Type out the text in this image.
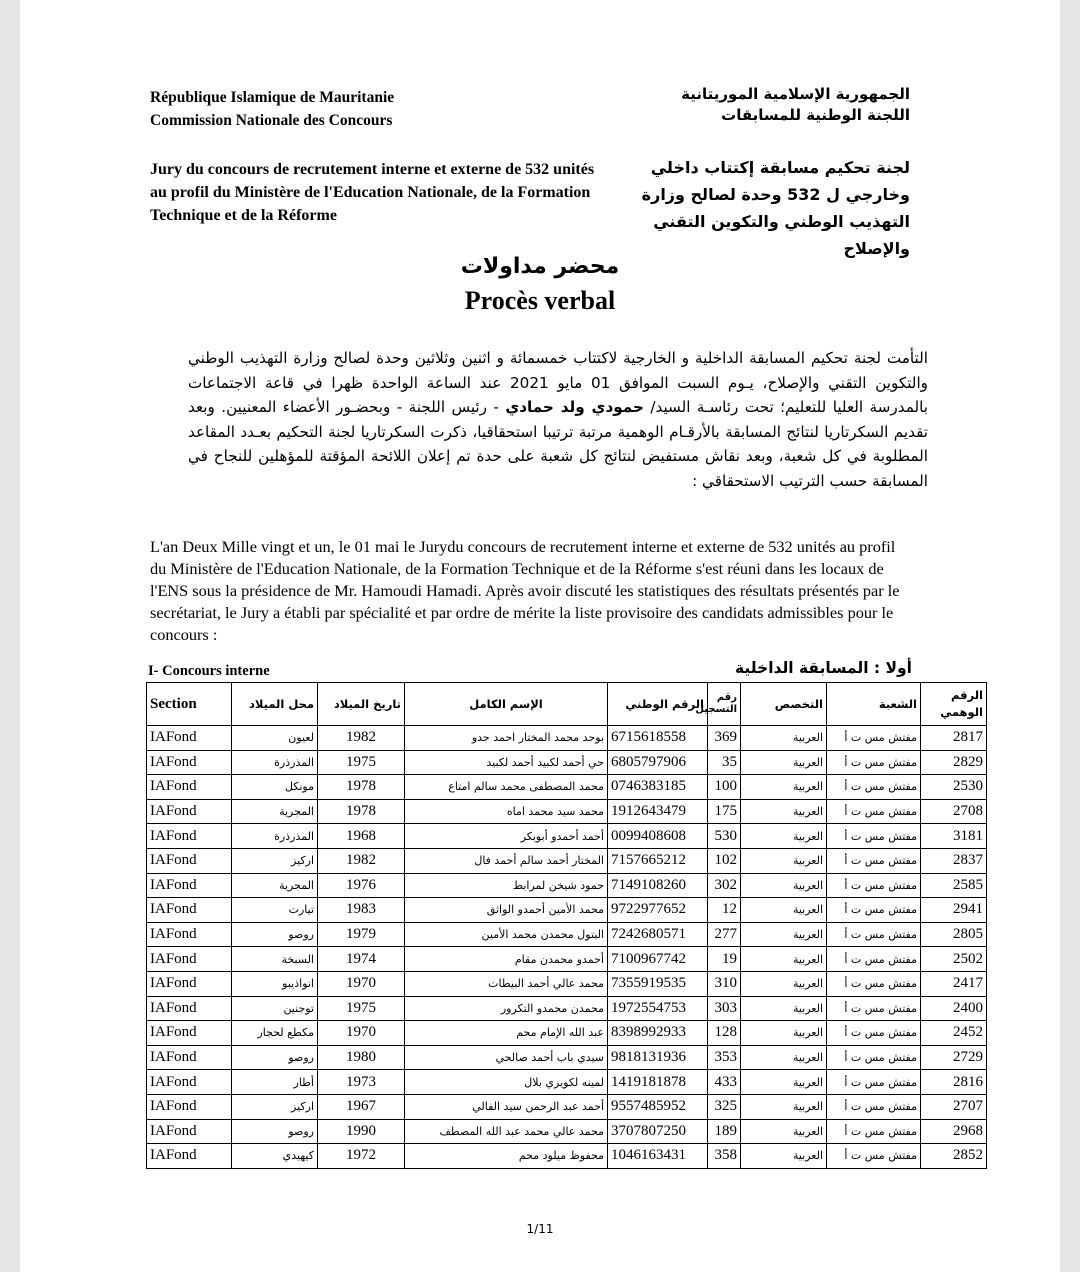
République Islamique de Mauritanie
Commission Nationale des Concours
الجمهورية الإسلامية الموريتانية
اللجنة الوطنية للمسابقات
Jury du concours de recrutement interne et externe de 532 unités au profil du Ministère de l'Education Nationale, de la Formation Technique et de la Réforme
لجنة تحكيم مسابقة إكتتاب داخلي وخارجي ل 532 وحدة لصالح وزارة التهذيب الوطني والتكوين التقني والإصلاح
محضر مداولات
Procès verbal
التأمت لجنة تحكيم المسابقة الداخلية و الخارجية لاكتتاب خمسمائة و اثنين وثلاثين وحدة لصالح وزارة التهذيب الوطني والتكوين التقني والإصلاح، يـوم السبت الموافق 01 مايو 2021 عند الساعة الواحدة ظهرا في قاعة الاجتماعات بالمدرسة العليا للتعليم؛ تحت رئاسـة السيد/ حمودي ولد حمادي - رئيس اللجنة - وبحضـور الأعضاء المعنيين. وبعد تقديم السكرتاريا لنتائج المسابقة بالأرقـام الوهمية مرتبة ترتيبا استحقاقيا، ذكرت السكرتاريا لجنة التحكيم بعـدد المقاعد المطلوبة في كل شعبة، وبعد نقاش مستفيض لنتائج كل شعبة على حدة تم إعلان اللائحة المؤقتة للمؤهلين للنجاح في المسابقة حسب الترتيب الاستحقاقي :
L'an Deux Mille vingt et un, le 01 mai le Jurydu concours de recrutement interne et externe de 532 unités au profil du Ministère de l'Education Nationale, de la Formation Technique et de la Réforme s'est réuni dans les locaux de l'ENS sous la présidence de Mr. Hamoudi Hamadi. Après avoir discuté les statistiques des résultats présentés par le secrétariat, le Jury a établi par spécialité et par ordre de mérite la liste provisoire des candidats admissibles pour le concours :
I- Concours interne	أولا : المسابقة الداخلية
Section	محل الميلاد	تاريخ الميلاد	الإسم الكامل	الرقم الوطني	رقم التسجيل	التخصص	الشعبة	الرقم الوهمي
IAFond	لعيون	1982	بوحد محمد المختار احمد جدو	6715618558	369	العربية	مفتش مس ت أ	2817
IAFond	المذرذرة	1975	حي أحمد لكبيد أحمد لكبيد	6805797906	35	العربية	مفتش مس ت أ	2829
IAFond	مونكل	1978	محمد المصطفى محمد سالم امتاع	0746383185	100	العربية	مفتش مس ت أ	2530
IAFond	المجرية	1978	محمد سيد محمد اماه	1912643479	175	العربية	مفتش مس ت أ	2708
IAFond	المذرذرة	1968	أحمد أحمدو أبوبكر	0099408608	530	العربية	مفتش مس ت أ	3181
IAFond	اركيز	1982	المختار أحمد سالم أحمد فال	7157665212	102	العربية	مفتش مس ت أ	2837
IAFond	المجرية	1976	حمود شيخن لمرابط	7149108260	302	العربية	مفتش مس ت أ	2585
IAFond	تيارت	1983	محمد الأمين أحمدو الواثق	9722977652	12	العربية	مفتش مس ت أ	2941
IAFond	روصو	1979	البتول محمدن محمد الأمين	7242680571	277	العربية	مفتش مس ت أ	2805
IAFond	السبخة	1974	أحمدو محمدن مقام	7100967742	19	العربية	مفتش مس ت أ	2502
IAFond	انواذيبو	1970	محمد عالي أحمد البيطات	7355919535	310	العربية	مفتش مس ت أ	2417
IAFond	توجنين	1975	محمدن محمدو التكرور	1972554753	303	العربية	مفتش مس ت أ	2400
IAFond	مكطع لحجار	1970	عبد الله الإمام محم	8398992933	128	العربية	مفتش مس ت أ	2452
IAFond	روصو	1980	سيدي باب أحمد صالحي	9818131936	353	العربية	مفتش مس ت أ	2729
IAFond	أطار	1973	لمينه لكويري بلال	1419181878	433	العربية	مفتش مس ت أ	2816
IAFond	اركيز	1967	أحمد عبد الرحمن سيد الفالي	9557485952	325	العربية	مفتش مس ت أ	2707
IAFond	روصو	1990	محمد عالي محمد عبد الله المصطف	3707807250	189	العربية	مفتش مس ت أ	2968
IAFond	كيهيدي	1972	محفوظ ميلود محم	1046163431	358	العربية	مفتش مس ت أ	2852
1/11
